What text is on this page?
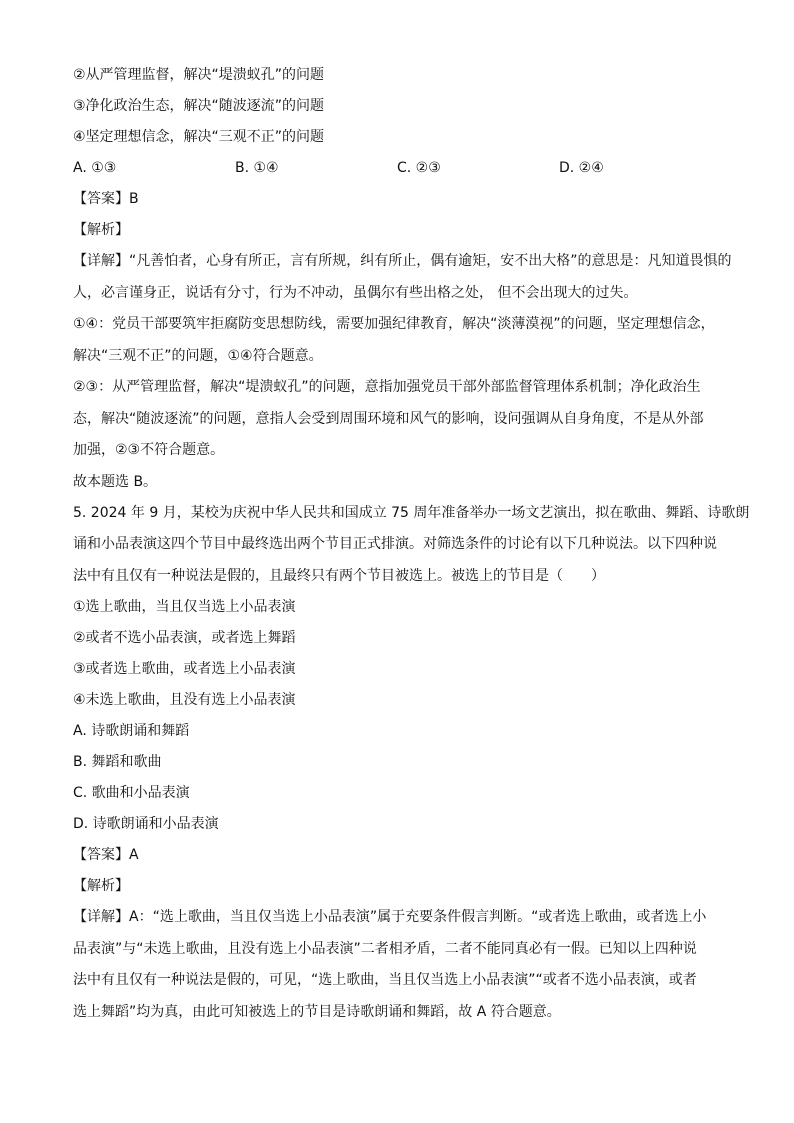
②从严管理监督，解决“堤溃蚁孔”的问题
③净化政治生态，解决“随波逐流”的问题
④坚定理想信念，解决“三观不正”的问题
A. ①③	B. ①④	C. ②③	D. ②④
【答案】B
【解析】
【详解】“凡善怕者，心身有所正，言有所规，纠有所止，偶有逾矩，安不出大格”的意思是：凡知道畏惧的
人，必言谨身正，说话有分寸，行为不冲动，虽偶尔有些出格之处， 但不会出现大的过失。
①④：党员干部要筑牢拒腐防变思想防线，需要加强纪律教育，解决“淡薄漠视”的问题，坚定理想信念，
解决“三观不正”的问题，①④符合题意。
②③：从严管理监督，解决“堤溃蚁孔”的问题，意指加强党员干部外部监督管理体系机制；净化政治生
态，解决“随波逐流”的问题，意指人会受到周围环境和风气的影响，设问强调从自身角度，不是从外部
加强，②③不符合题意。
故本题选 B。
5. 2024 年 9 月，某校为庆祝中华人民共和国成立 75 周年准备举办一场文艺演出，拟在歌曲、舞蹈、诗歌朗
诵和小品表演这四个节目中最终选出两个节目正式排演。对筛选条件的讨论有以下几种说法。以下四种说
法中有且仅有一种说法是假的，且最终只有两个节目被选上。被选上的节目是（　　）
①选上歌曲，当且仅当选上小品表演
②或者不选小品表演，或者选上舞蹈
③或者选上歌曲，或者选上小品表演
④未选上歌曲，且没有选上小品表演
A. 诗歌朗诵和舞蹈
B. 舞蹈和歌曲
C. 歌曲和小品表演
D. 诗歌朗诵和小品表演
【答案】A
【解析】
【详解】A：“选上歌曲，当且仅当选上小品表演”属于充要条件假言判断。“或者选上歌曲，或者选上小
品表演”与“未选上歌曲，且没有选上小品表演”二者相矛盾，二者不能同真必有一假。已知以上四种说
法中有且仅有一种说法是假的，可见，“选上歌曲，当且仅当选上小品表演”“或者不选小品表演，或者
选上舞蹈”均为真，由此可知被选上的节目是诗歌朗诵和舞蹈，故 A 符合题意。
